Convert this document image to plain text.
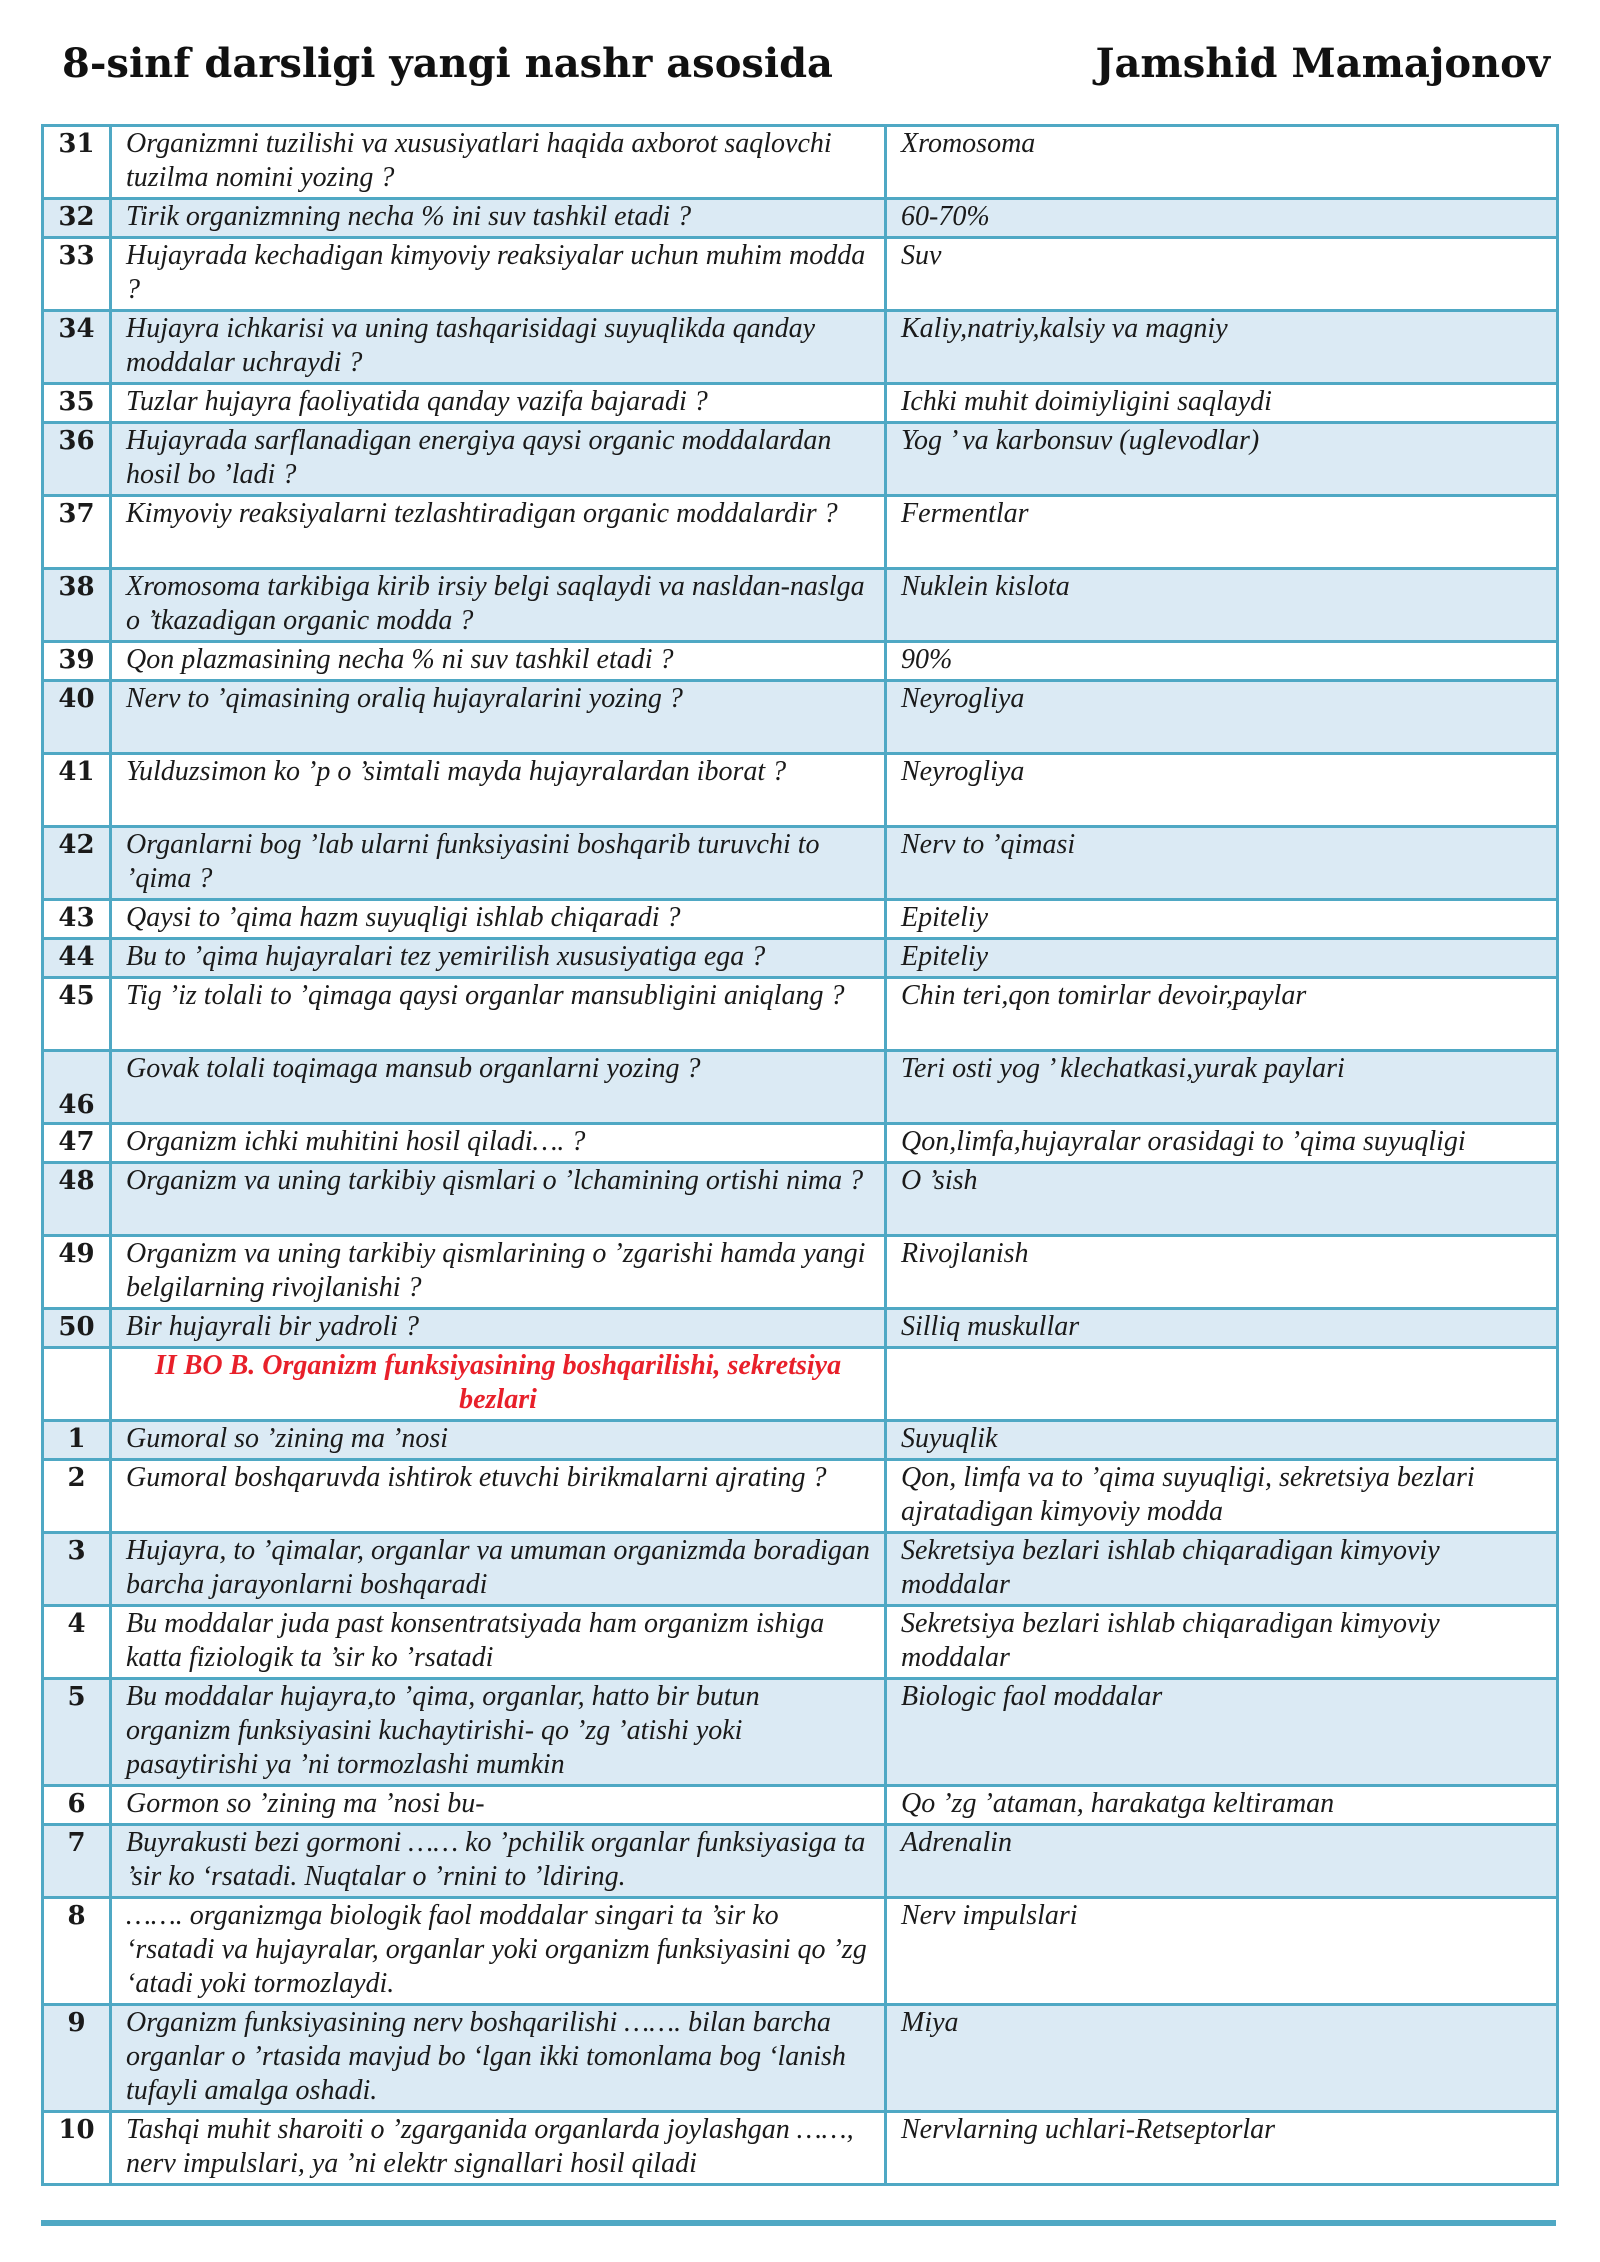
8-sinf darsligi yangi nashr asosida	Jamshid Mamajonov
31	Organizmni tuzilishi va xususiyatlari haqida axborot saqlovchi tuzilma nomini yozing ?	Xromosoma
32	Tirik organizmning necha % ini suv tashkil etadi ?	60-70%
33	Hujayrada kechadigan kimyoviy reaksiyalar uchun muhim modda ?	Suv
34	Hujayra ichkarisi va uning tashqarisidagi suyuqlikda qanday moddalar uchraydi ?	Kaliy,natriy,kalsiy va magniy
35	Tuzlar hujayra faoliyatida qanday vazifa bajaradi ?	Ichki muhit doimiyligini saqlaydi
36	Hujayrada sarflanadigan energiya qaysi organic moddalardan hosil bo ’ladi ?	Yog ’ va karbonsuv (uglevodlar)
37	Kimyoviy reaksiyalarni tezlashtiradigan organic moddalardir ?	Fermentlar
38	Xromosoma tarkibiga kirib irsiy belgi saqlaydi va nasldan-naslga o ’tkazadigan organic modda ?	Nuklein kislota
39	Qon plazmasining necha % ni suv tashkil etadi ?	90%
40	Nerv to ’qimasining oraliq hujayralarini yozing ?	Neyrogliya
41	Yulduzsimon ko ’p o ’simtali mayda hujayralardan iborat ?	Neyrogliya
42	Organlarni bog ’lab ularni funksiyasini boshqarib turuvchi to ’qima ?	Nerv to ’qimasi
43	Qaysi to ’qima hazm suyuqligi ishlab chiqaradi ?	Epiteliy
44	Bu to ’qima hujayralari tez yemirilish xususiyatiga ega ?	Epiteliy
45	Tig ’iz tolali to ’qimaga qaysi organlar mansubligini aniqlang ?	Chin teri,qon tomirlar devoir,paylar
46	Govak tolali toqimaga mansub organlarni yozing ?	Teri osti yog ’ klechatkasi,yurak paylari
47	Organizm ichki muhitini hosil qiladi…. ?	Qon,limfa,hujayralar orasidagi to ’qima suyuqligi
48	Organizm va uning tarkibiy qismlari o ’lchamining ortishi nima ?	O ’sish
49	Organizm va uning tarkibiy qismlarining o ’zgarishi hamda yangi belgilarning rivojlanishi ?	Rivojlanish
50	Bir hujayrali bir yadroli ?	Silliq muskullar
	II BO B. Organizm funksiyasining boshqarilishi, sekretsiya bezlari	
1	Gumoral so ’zining ma ’nosi	Suyuqlik
2	Gumoral boshqaruvda ishtirok etuvchi birikmalarni ajrating ?	Qon, limfa va to ’qima suyuqligi, sekretsiya bezlari ajratadigan kimyoviy modda
3	Hujayra, to ’qimalar, organlar va umuman organizmda boradigan barcha jarayonlarni boshqaradi	Sekretsiya bezlari ishlab chiqaradigan kimyoviy moddalar
4	Bu moddalar juda past konsentratsiyada ham organizm ishiga katta fiziologik ta ’sir ko ’rsatadi	Sekretsiya bezlari ishlab chiqaradigan kimyoviy moddalar
5	Bu moddalar hujayra,to ’qima, organlar, hatto bir butun organizm funksiyasini kuchaytirishi- qo ’zg ’atishi yoki pasaytirishi ya ’ni tormozlashi mumkin	Biologic faol moddalar
6	Gormon so ’zining ma ’nosi bu-	Qo ’zg ’ataman, harakatga keltiraman
7	Buyrakusti bezi gormoni …… ko ’pchilik organlar funksiyasiga ta ’sir ko ‘rsatadi. Nuqtalar o ’rnini to ’ldiring.	Adrenalin
8	……. organizmga biologik faol moddalar singari ta ’sir ko ‘rsatadi va hujayralar, organlar yoki organizm funksiyasini qo ’zg ‘atadi yoki tormozlaydi.	Nerv impulslari
9	Organizm funksiyasining nerv boshqarilishi ……. bilan barcha organlar o ’rtasida mavjud bo ‘lgan ikki tomonlama bog ‘lanish tufayli amalga oshadi.	Miya
10	Tashqi muhit sharoiti o ’zgarganida organlarda joylashgan ……, nerv impulslari, ya ’ni elektr signallari hosil qiladi	Nervlarning uchlari-Retseptorlar
